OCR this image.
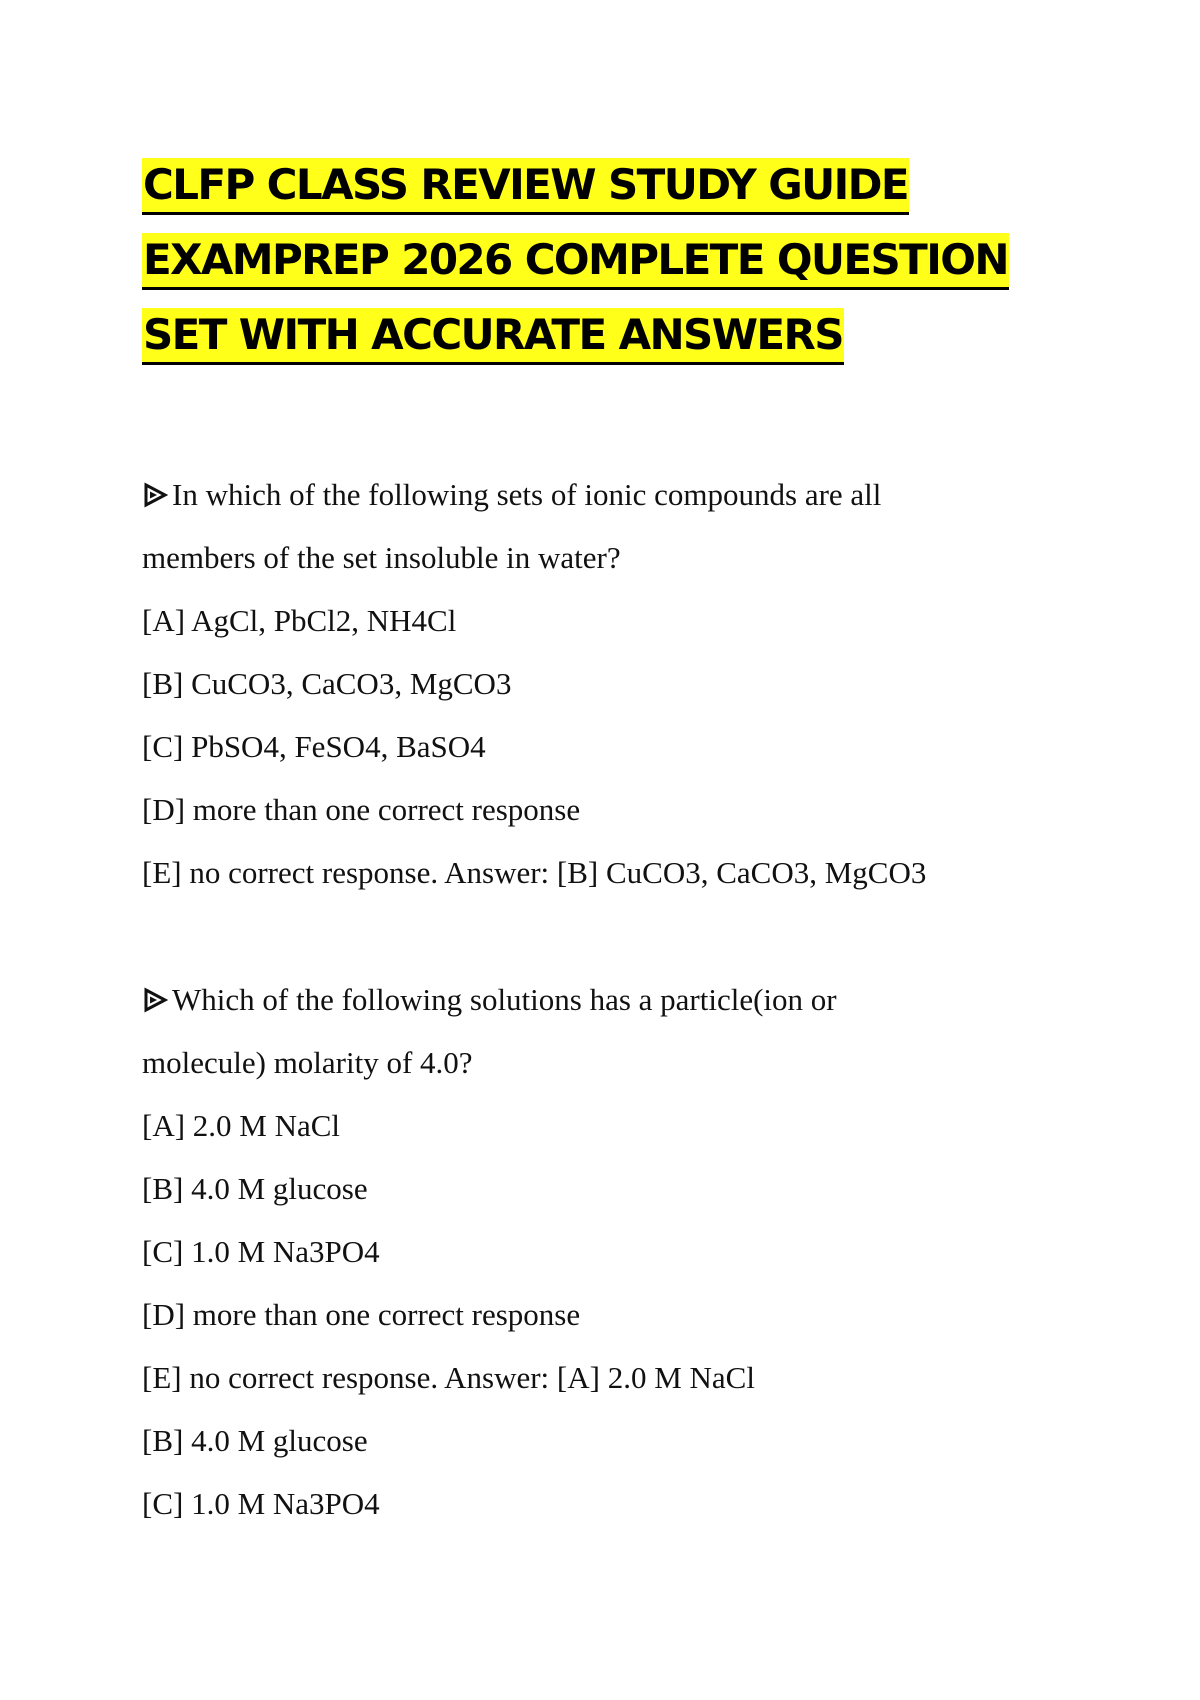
CLFP CLASS REVIEW STUDY GUIDE
EXAMPREP 2026 COMPLETE QUESTION
SET WITH ACCURATE ANSWERS

In which of the following sets of ionic compounds are all

members of the set insoluble in water?

[A] AgCl, PbCl2, NH4Cl

[B] CuCO3, CaCO3, MgCO3

[C] PbSO4, FeSO4, BaSO4

[D] more than one correct response

[E] no correct response. Answer: [B] CuCO3, CaCO3, MgCO3

Which of the following solutions has a particle(ion or

molecule) molarity of 4.0?

[A] 2.0 M NaCl

[B] 4.0 M glucose

[C] 1.0 M Na3PO4

[D] more than one correct response

[E] no correct response. Answer: [A] 2.0 M NaCl

[B] 4.0 M glucose

[C] 1.0 M Na3PO4
